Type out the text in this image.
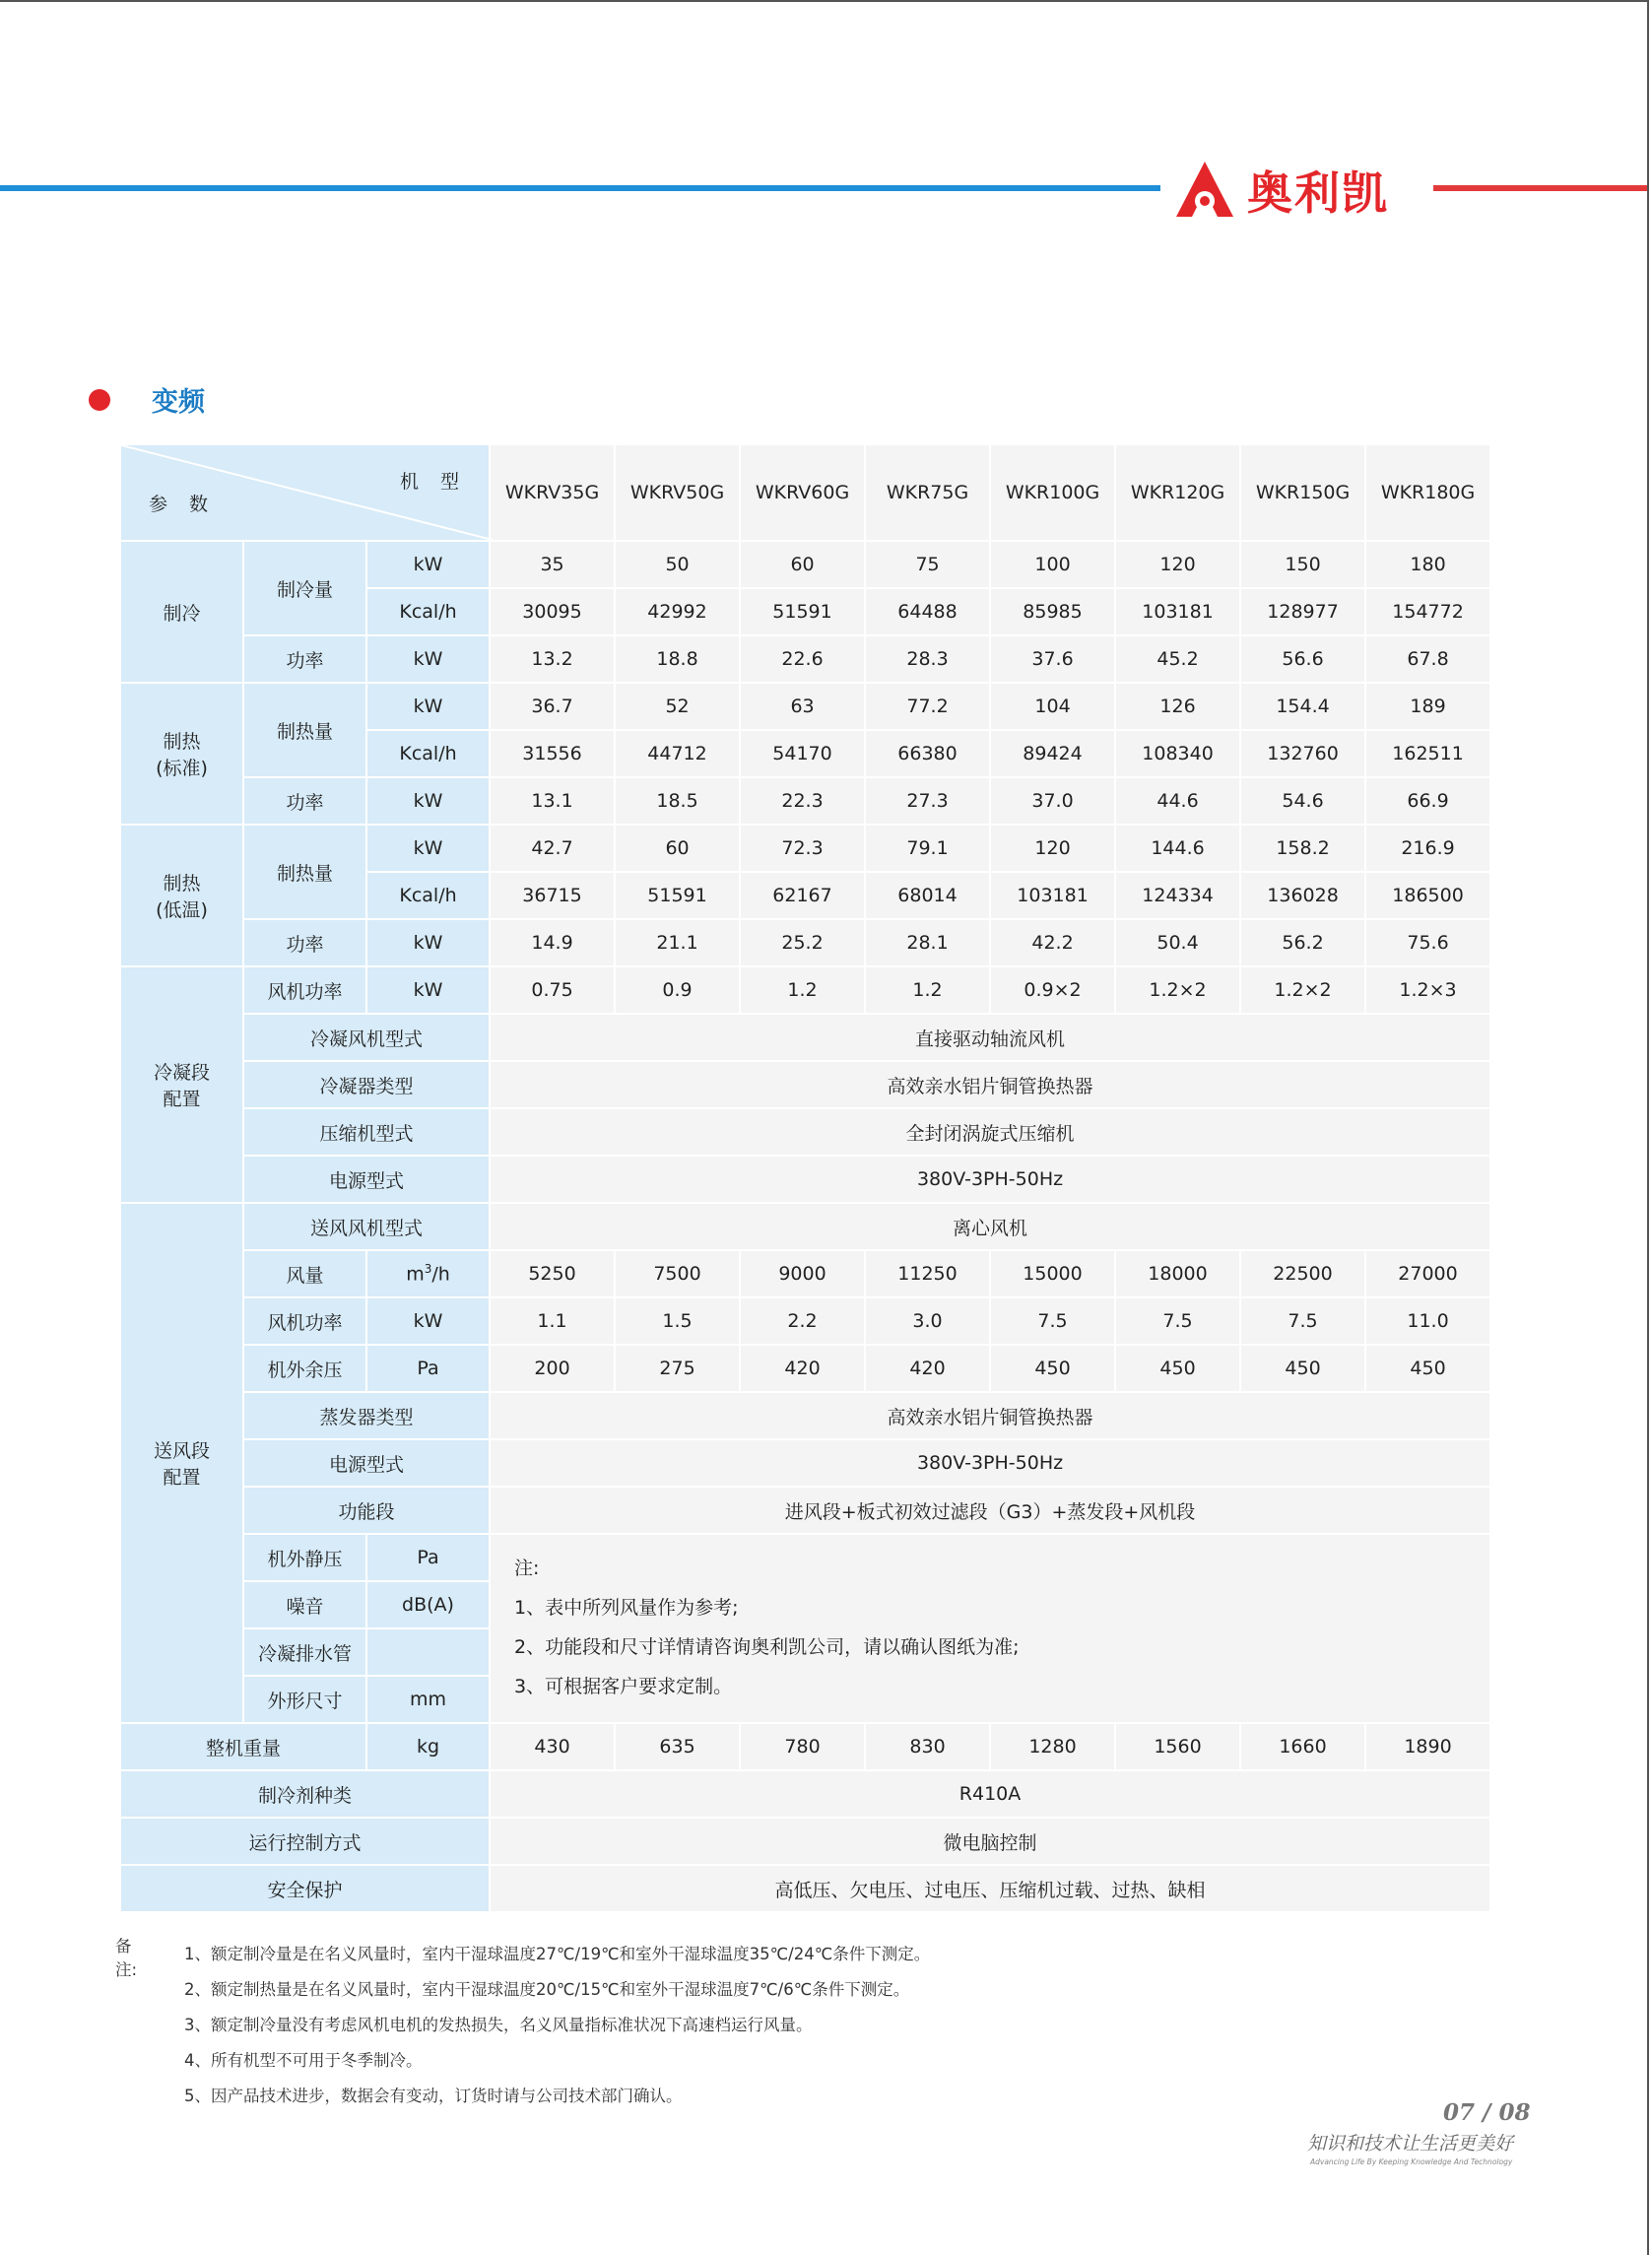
奥利凯
变频
机 型
参 数			WKRV35G	WKRV50G	WKRV60G	WKR75G	WKR100G	WKR120G	WKR150G	WKR180G
制冷	制冷量	kW	35	50	60	75	100	120	150	180
		Kcal/h	30095	42992	51591	64488	85985	103181	128977	154772
	功率	kW	13.2	18.8	22.6	28.3	37.6	45.2	56.6	67.8

制热
(标准)	制热量	kW	36.7	52	63	77.2	104	126	154.4	189
		Kcal/h	31556	44712	54170	66380	89424	108340	132760	162511
	功率	kW	13.1	18.5	22.3	27.3	37.0	44.6	54.6	66.9

制热
(低温)	制热量	kW	42.7	60	72.3	79.1	120	144.6	158.2	216.9
		Kcal/h	36715	51591	62167	68014	103181	124334	136028	186500
	功率	kW	14.9	21.1	25.2	28.1	42.2	50.4	56.2	75.6

冷凝段
配置	风机功率	kW	0.75	0.9	1.2	1.2	0.9×2	1.2×2	1.2×2	1.2×3
	冷凝风机型式		直接驱动轴流风机							
	冷凝器类型		高效亲水铝片铜管换热器							
	压缩机型式		全封闭涡旋式压缩机							
	电源型式		380V-3PH-50Hz							

送风段
配置	送风风机型式		离心风机							
	风量	$m^3/h$	5250	7500	9000	11250	15000	18000	22500	27000
	风机功率	kW	1.1	1.5	2.2	3.0	7.5	7.5	7.5	11.0
	机外余压	Pa	200	275	420	420	450	450	450	450
	蒸发器类型		高效亲水铝片铜管换热器							
	电源型式		380V-3PH-50Hz							
	功能段		进风段+板式初效过滤段（G3）+蒸发段+风机段							
	机外静压	Pa	注:
1、表中所列风量作为参考;
2、功能段和尺寸详情请咨询奥利凯公司，请以确认图纸为准;
3、可根据客户要求定制。							

	噪音	dB(A)								
	冷凝排水管									
	外形尺寸	mm								
整机重量		kg	430	635	780	830	1280	1560	1660	1890
制冷剂种类			R410A							
运行控制方式			微电脑控制							
安全保护			高低压、欠电压、过电压、压缩机过载、过热、缺相							
备注:
1、额定制冷量是在名义风量时，室内干湿球温度27℃/19℃和室外干湿球温度35℃/24℃条件下测定。
2、额定制热量是在名义风量时，室内干湿球温度20℃/15℃和室外干湿球温度7℃/6℃条件下测定。
3、额定制冷量没有考虑风机电机的发热损失，名义风量指标准状况下高速档运行风量。
4、所有机型不可用于冬季制冷。
5、因产品技术进步，数据会有变动，订货时请与公司技术部门确认。
07 / 08
知识和技术让生活更美好
Advancing Life By Keeping Knowledge And Technology
